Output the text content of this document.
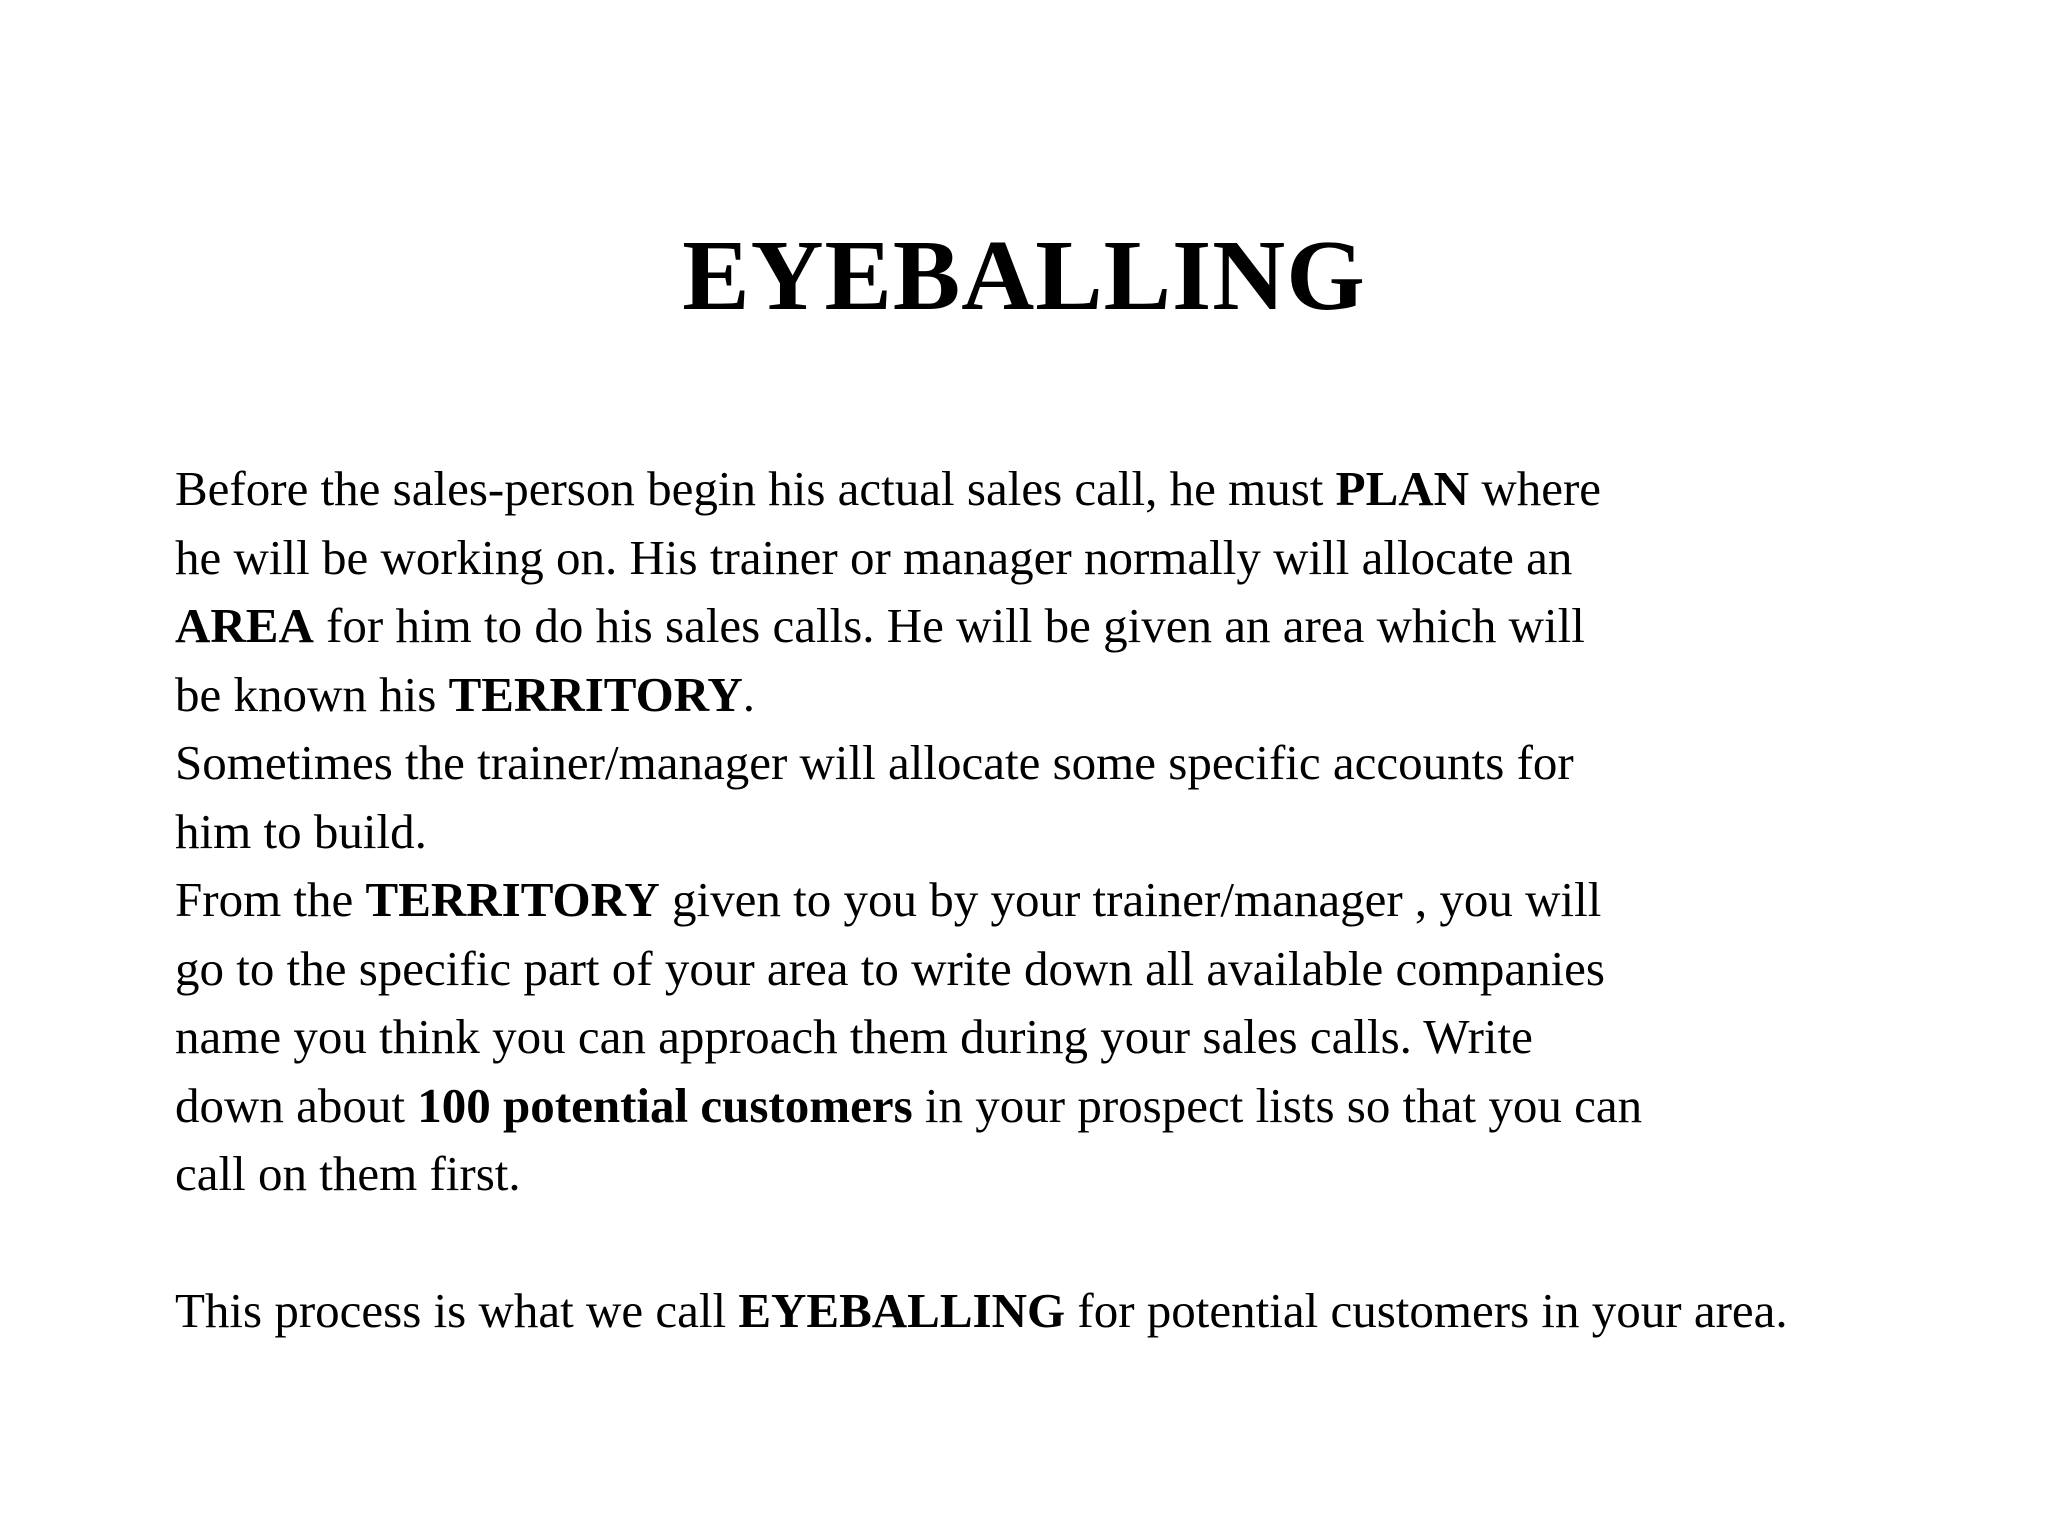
EYEBALLING
Before the sales-person begin his actual sales call, he must PLAN where
he will be working on. His trainer or manager normally will allocate an
AREA for him to do his sales calls. He will be given an area which will
be known his TERRITORY.
Sometimes the trainer/manager will allocate some specific accounts for
him to build.
From the TERRITORY given to you by your trainer/manager , you will
go to the specific part of your area to write down all available companies
name you think you can approach them during your sales calls. Write
down about 100 potential customers in your prospect lists so that you can
call on them first.
This process is what we call EYEBALLING for potential customers in your area.
